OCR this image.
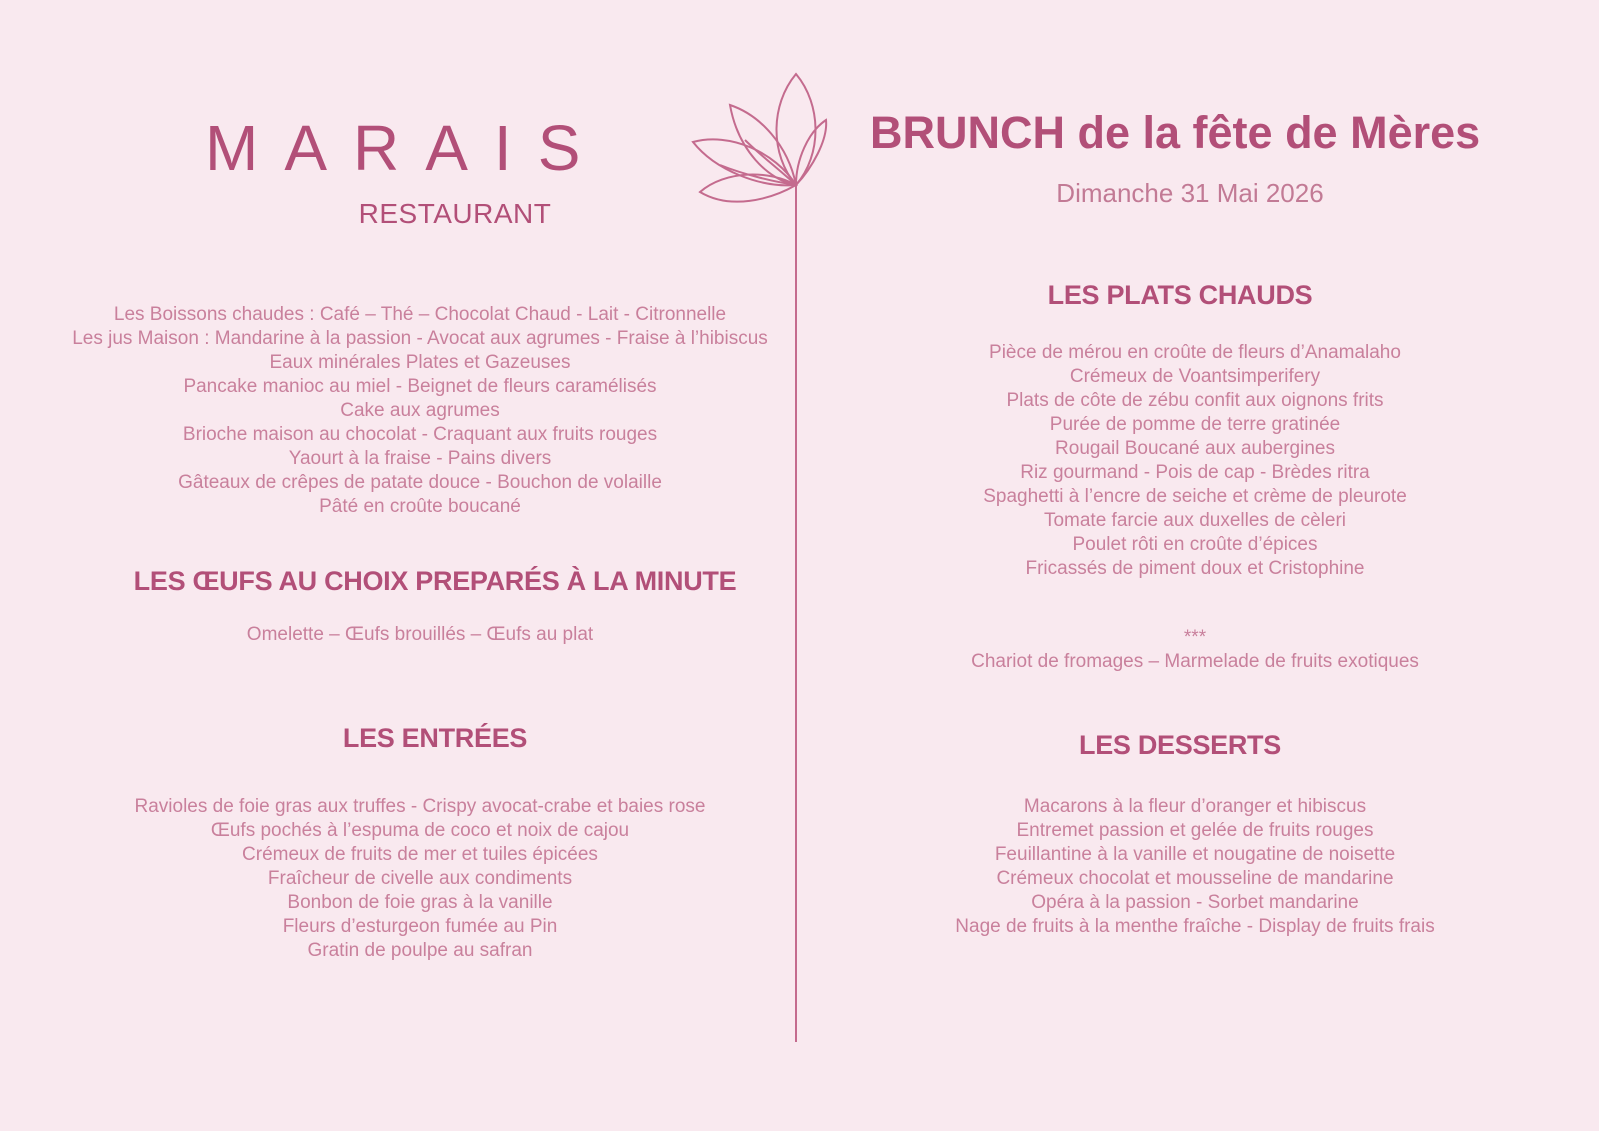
MARAIS

RESTAURANT

BRUNCH de la fête de Mères

Dimanche 31 Mai 2026

Les Boissons chaudes : Café – Thé – Chocolat Chaud - Lait - Citronnelle
Les jus Maison : Mandarine à la passion - Avocat aux agrumes - Fraise à l’hibiscus
Eaux minérales Plates et Gazeuses
Pancake manioc au miel - Beignet de fleurs caramélisés
Cake aux agrumes
Brioche maison au chocolat - Craquant aux fruits rouges
Yaourt à la fraise - Pains divers
Gâteaux de crêpes de patate douce - Bouchon de volaille
Pâté en croûte boucané
LES ŒUFS AU CHOIX PREPARÉS À LA MINUTE

Omelette – Œufs brouillés – Œufs au plat

LES ENTRÉES
Ravioles de foie gras aux truffes - Crispy avocat-crabe et baies rose
Œufs pochés à l’espuma de coco et noix de cajou
Crémeux de fruits de mer et tuiles épicées
Fraîcheur de civelle aux condiments
Bonbon de foie gras à la vanille
Fleurs d’esturgeon fumée au Pin
Gratin de poulpe au safran
LES PLATS CHAUDS
Pièce de mérou en croûte de fleurs d’Anamalaho
Crémeux de Voantsimperifery
Plats de côte de zébu confit aux oignons frits
Purée de pomme de terre gratinée
Rougail Boucané aux aubergines
Riz gourmand - Pois de cap - Brèdes ritra
Spaghetti à l’encre de seiche et crème de pleurote
Tomate farcie aux duxelles de cèleri
Poulet rôti en croûte d’épices
Fricassés de piment doux et Cristophine

***

Chariot de fromages – Marmelade de fruits exotiques

LES DESSERTS
Macarons à la fleur d’oranger et hibiscus
Entremet passion et gelée de fruits rouges
Feuillantine à la vanille et nougatine de noisette
Crémeux chocolat et mousseline de mandarine
Opéra à la passion - Sorbet mandarine
Nage de fruits à la menthe fraîche - Display de fruits frais
